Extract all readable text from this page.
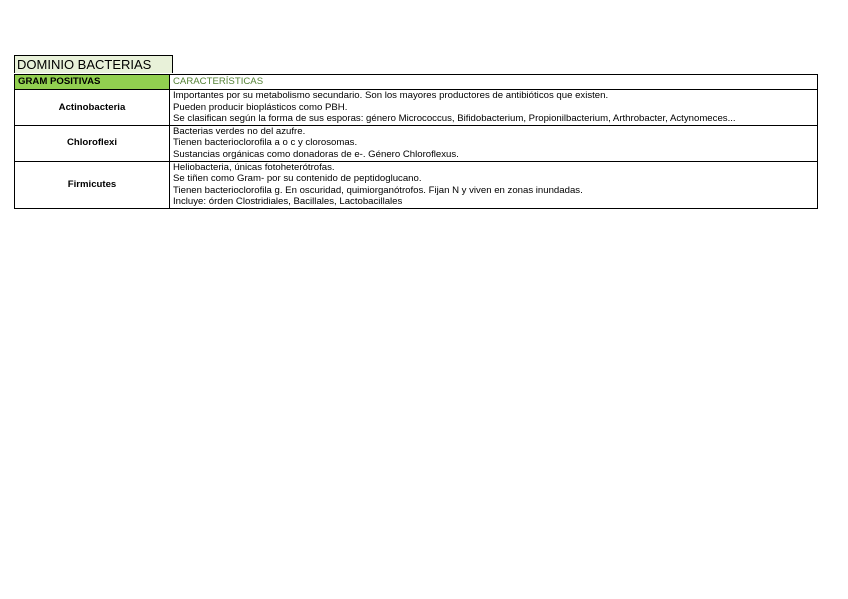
DOMINIO BACTERIAS
GRAM POSITIVAS	CARACTERÍSTICAS
Actinobacteria	Importantes por su metabolismo secundario. Son los mayores productores de antibióticos que existen.
Pueden producir bioplásticos como PBH.
Se clasifican según la forma de sus esporas: género Micrococcus, Bifidobacterium, Propionilbacterium, Arthrobacter, Actynomeces...

Chloroflexi	Bacterias verdes no del azufre.
Tienen bacterioclorofila a o c y clorosomas.
Sustancias orgánicas como donadoras de e-. Género Chloroflexus.

Firmicutes	Heliobacteria, únicas fotoheterótrofas.
Se tiñen como Gram- por su contenido de peptidoglucano.
Tienen bacterioclorofila g. En oscuridad, quimiorganótrofos. Fijan N y viven en zonas inundadas.
Incluye: órden Clostridiales, Bacillales, Lactobacillales
